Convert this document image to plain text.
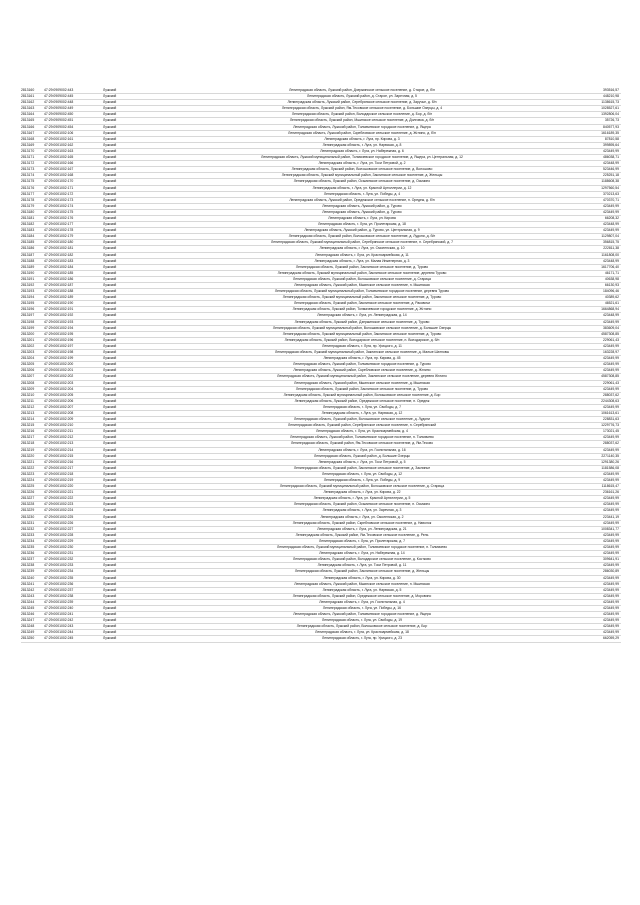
2813160	47:29:0909002:443	Лужский	Ленинградская область, Лужский район, Дзержинское сельское поселение, д. Старое, д. б/н	393516,57
2813161	47:29:0909002:445	Лужский	Ленинградская область, Лужский район, д. Старое, ул. Заречная, д. 5	448210,98
2813162	47:29:0909002:448	Лужский	Ленинградская область, Лужский район, Серебрянское сельское поселение, д. Заручье, д. б/н	1138615,73
2813163	47:29:0909002:449	Лужский	Ленинградская область, Лужский район, Ям-Тесовское сельское поселение, д. Большие Озерцы, д. 4	1028527,61
2813164	47:29:0909002:450	Лужский	Ленинградская область, Лужский район, Володарское сельское поселение, д. Бор, д. б/н	1392806,04
2813165	47:29:0909002:451	Лужский	Ленинградская область, Лужский район, Мшинское сельское поселение, д. Долговка, д. б/н	35726,73
2813166	47:29:0909002:454	Лужский	Ленинградская область, Лужский район, Толмачевское городское поселение, д. Ящера	840577,93
2813167	47:29:0001002:106	Лужский	Ленинградская область, Лужский район, Скребловское сельское поселение, д. Жглино, д. б/н	1616189,35
2813168	47:29:0001002:161	Лужский	Ленинградская область, г. Луга, пр. Кирова, д. 3	87810,58
2813169	47:29:0001002:162	Лужский	Ленинградская область, г. Луга, ул. Нарвская, д. 8	399895,64
2813170	47:29:0001002:163	Лужский	Ленинградская область, г. Луга, ул. Набережная, д. 6	423449,99
2813171	47:29:0001002:165	Лужский	Ленинградская область, Лужский муниципальный район, Толмачевское городское поселение, д. Ящера, ул. Центральная, д. 12	486038,71
2813172	47:29:0001002:166	Лужский	Ленинградская область, г. Луга, ул. Тоси Петровой, д. 2	423448,99
2813173	47:29:0001002:167	Лужский	Ленинградская область, Лужский район, Волошовское сельское поселение, д. Волошово	523446,99
2813174	47:29:0001002:168	Лужский	Ленинградская область, Лужский муниципальный район, Заклинское сельское поселение, д. Жельцы	225251,18
2813175	47:29:0001002:170	Лужский	Ленинградская область, Лужский район, Осьминское сельское поселение, д. Осьмино	1188608,38
2813176	47:29:0001002:171	Лужский	Ленинградская область, г. Луга, ул. Красной Артиллерии, д. 12	1297560,54
2813177	47:29:0001002:172	Лужский	Ленинградская область, г. Луга, ул. Победы, д. 4	370213,63
2813178	47:29:0001002:173	Лужский	Ленинградская область, Лужский район, Оредежское сельское поселение, п. Оредеж, д. б/н	470370,71
2813179	47:29:0001002:174	Лужский	Ленинградская область, Лужский район, д. Турово	423449,99
2813180	47:29:0001002:175	Лужский	Ленинградская область, Лужский район, д. Турово	423449,99
2813181	47:29:0001002:176	Лужский	Ленинградская область, г. Луга, ул. Кирова	66208,32
2813182	47:29:0001002:177	Лужский	Ленинградская область, г. Луга, ул. Пролетарская, д. 18	423448,99
2813183	47:29:0001002:178	Лужский	Ленинградская область, Лужский район, д. Турово, ул. Центральная, д. 9	423449,99
2813184	47:29:0001002:179	Лужский	Ленинградская область, Лужский район, Волошовское сельское поселение, д. Лудони, д. б/н	1129807,04
2813185	47:29:0001002:180	Лужский	Ленинградская область, Лужский муниципальный район, Серебрянское сельское поселение, п. Серебрянский, д. 7	356815,75
2813186	47:29:0001002:181	Лужский	Ленинградская область, г. Луга, ул. Смоленская, д. 10	222811,38
2813187	47:29:0001002:182	Лужский	Ленинградская область, г. Луга, ул. Красноармейская, д. 11	1161808,00
2813188	47:29:0001002:183	Лужский	Ленинградская область, г. Луга, ул. Малая Инженерная, д. 3	423448,99
2813189	47:29:0001002:184	Лужский	Ленинградская область, Лужский район, Заклинское сельское поселение, д. Турово	1617706,40
2813190	47:29:0001002:185	Лужский	Ленинградская область, Лужский муниципальный район, Заклинское сельское поселение, деревня Турово	46171,71
2813191	47:29:0001002:186	Лужский	Ленинградская область, Лужский район, Волошовское сельское поселение, д. Старица	40638,98
2813192	47:29:0001002:187	Лужский	Ленинградская область, Лужский район, Мшинское сельское поселение, п. Мшинская	66130,93
2813193	47:29:0001002:188	Лужский	Ленинградская область, Лужский муниципальный район, Толмачевское городское поселение, деревня Турово	184096,46
2813194	47:29:0001002:189	Лужский	Ленинградская область, Лужский муниципальный район, Заклинское сельское поселение, д. Турово	40389,62
2813195	47:29:0001002:190	Лужский	Ленинградская область, Лужский район, Заклинское сельское поселение, д. Раковичи	46521,61
2813196	47:29:0001002:191	Лужский	Ленинградская область, Лужский район, Толмачевское городское поселение, д. Жглино	1664868,94
2813197	47:29:0001002:192	Лужский	Ленинградская область, г. Луга, ул. Ленинградская, д. 14	423448,99
2813198	47:29:0001002:193	Лужский	Ленинградская область, Лужский район, Дзержинское сельское поселение, д. Турово	423449,99
2813199	47:29:0001002:194	Лужский	Ленинградская область, Лужский муниципальный район, Волошовское сельское поселение, д. Большие Озерцы	383609,04
2813200	47:29:0001002:195	Лужский	Ленинградская область, Лужский муниципальный район, Заклинское сельское поселение, д. Турово	4587308,85
2813201	47:29:0001002:196	Лужский	Ленинградская область, Лужский район, Володарское сельское поселение, п. Володарское, д. б/н	229061,43
2813202	47:29:0001002:197	Лужский	Ленинградская область, г. Луга, пр. Урицкого, д. 11	423449,99
2813203	47:29:0001002:198	Лужский	Ленинградская область, Лужский муниципальный район, Заклинское сельское поселение, д. Малые Шатновы	163228,97
2813204	47:29:0001002:199	Лужский	Ленинградская область, г. Луга, пр. Кирова, д. 45	423449,99
2813205	47:29:0001002:200	Лужский	Ленинградская область, Лужский район, Толмачевское городское поселение, д. Турово	423449,99
2813206	47:29:0001002:201	Лужский	Ленинградская область, Лужский район, Скребловское сельское поселение, д. Жглино	423449,99
2813207	47:29:0001002:202	Лужский	Ленинградская область, Лужский муниципальный район, Заклинское сельское поселение, деревня Жглино	4587308,85
2813208	47:29:0001002:203	Лужский	Ленинградская область, Лужский район, Мшинское сельское поселение, д. Мшинская	229061,43
2813209	47:29:0001002:204	Лужский	Ленинградская область, Лужский район, Заклинское сельское поселение, д. Турово	423449,99
2813210	47:29:0001002:205	Лужский	Ленинградская область, Лужский муниципальный район, Волошовское сельское поселение, д. Бор	288037,62
2813211	47:29:0001002:206	Лужский	Ленинградская область, Лужский район, Оредежское сельское поселение, п. Оредеж	2244308,63
2813212	47:29:0001002:207	Лужский	Ленинградская область, г. Луга, ул. Свободы, д. 7	423449,99
2813213	47:29:0001002:208	Лужский	Ленинградская область, г. Луга, ул. Нарвская, д. 12	1061613,61
2813214	47:29:0001002:209	Лужский	Ленинградская область, Лужский район, Волошовское сельское поселение, д. Лудони	228831,63
2813215	47:29:0001002:210	Лужский	Ленинградская область, Лужский район, Серебрянское сельское поселение, п. Серебрянский	1229776,73
2813216	47:29:0001002:211	Лужский	Ленинградская область, г. Луга, ул. Красноармейская, д. 4	173021,45
2813217	47:29:0001002:212	Лужский	Ленинградская область, Лужский район, Толмачевское городское поселение, п. Толмачево	423449,99
2813218	47:29:0001002:213	Лужский	Ленинградская область, Лужский район, Ям-Тесовское сельское поселение, д. Ям-Тесово	288037,62
2813219	47:29:0001002:214	Лужский	Ленинградская область, г. Луга, ул. Госпитальная, д. 16	423449,99
2813220	47:29:0001002:215	Лужский	Ленинградская область, Лужский район, д. Большие Озерцы	2271140,35
2813221	47:29:0001002:216	Лужский	Ленинградская область, г. Луга, ул. Тоси Петровой, д. 5	1291380,26
2813222	47:29:0001002:217	Лужский	Ленинградская область, Лужский район, Заклинское сельское поселение, д. Заклинье	1181586,08
2813223	47:29:0001002:218	Лужский	Ленинградская область, г. Луга, ул. Свободы, д. 12	423449,99
2813224	47:29:0001002:219	Лужский	Ленинградская область, г. Луга, ул. Победы, д. 9	423449,99
2813225	47:29:0001002:220	Лужский	Ленинградская область, Лужский муниципальный район, Волошовское сельское поселение, д. Старица	1118615,47
2813226	47:29:0001002:221	Лужский	Ленинградская область, г. Луга, ул. Кирова, д. 22	236161,26
2813227	47:29:0001002:222	Лужский	Ленинградская область, г. Луга, ул. Красной Артиллерии, д. 5	423449,99
2813228	47:29:0001002:223	Лужский	Ленинградская область, Лужский район, Осьминское сельское поселение, п. Осьмино	423449,99
2813229	47:29:0001002:224	Лужский	Ленинградская область, г. Луга, ул. Заречная, д. 3	423449,99
2813230	47:29:0001002:225	Лужский	Ленинградская область, г. Луга, ул. Смоленская, д. 2	223441,19
2813231	47:29:0001002:226	Лужский	Ленинградская область, Лужский район, Скребловское сельское поселение, д. Наволок	423449,99
2813232	47:29:0001002:227	Лужский	Ленинградская область, г. Луга, ул. Ленинградская, д. 21	1008341,77
2813233	47:29:0001002:228	Лужский	Ленинградская область, Лужский район, Ям-Тесовское сельское поселение, д. Рель	423449,99
2813234	47:29:0001002:229	Лужский	Ленинградская область, г. Луга, ул. Пролетарская, д. 7	423449,99
2813235	47:29:0001002:230	Лужский	Ленинградская область, Лужский муниципальный район, Толмачевское городское поселение, п. Толмачево	423449,99
2813236	47:29:0001002:231	Лужский	Ленинградская область, г. Луга, ул. Набережная, д. 14	423449,99
2813237	47:29:0001002:232	Лужский	Ленинградская область, Лужский район, Володарское сельское поселение, д. Костково	309641,91
2813238	47:29:0001002:233	Лужский	Ленинградская область, г. Луга, ул. Тоси Петровой, д. 11	423449,99
2813239	47:29:0001002:234	Лужский	Ленинградская область, Лужский район, Заклинское сельское поселение, д. Жельцы	286030,89
2813240	47:29:0001002:235	Лужский	Ленинградская область, г. Луга, ул. Кирова, д. 30	423449,99
2813241	47:29:0001002:236	Лужский	Ленинградская область, Лужский район, Мшинское сельское поселение, п. Мшинская	423449,99
2813242	47:29:0001002:237	Лужский	Ленинградская область, г. Луга, ул. Нарвская, д. 5	423449,99
2813243	47:29:0001002:238	Лужский	Ленинградская область, Лужский район, Оредежское сельское поселение, д. Моровино	423449,99
2813244	47:29:0001002:239	Лужский	Ленинградская область, г. Луга, ул. Госпитальная, д. 4	423449,99
2813245	47:29:0001002:240	Лужский	Ленинградская область, г. Луга, ул. Победы, д. 16	423449,99
2813246	47:29:0001002:241	Лужский	Ленинградская область, Лужский район, Толмачевское городское поселение, д. Ящера	423449,99
2813247	47:29:0001002:242	Лужский	Ленинградская область, г. Луга, ул. Свободы, д. 19	423449,99
2813248	47:29:0001002:243	Лужский	Ленинградская область, Лужский район, Волошовское сельское поселение, д. Бор	423449,99
2813249	47:29:0001002:244	Лужский	Ленинградская область, г. Луга, ул. Красноармейская, д. 18	423449,99
2813250	47:29:0001002:245	Лужский	Ленинградская область, г. Луга, пр. Урицкого, д. 23	662059,29
